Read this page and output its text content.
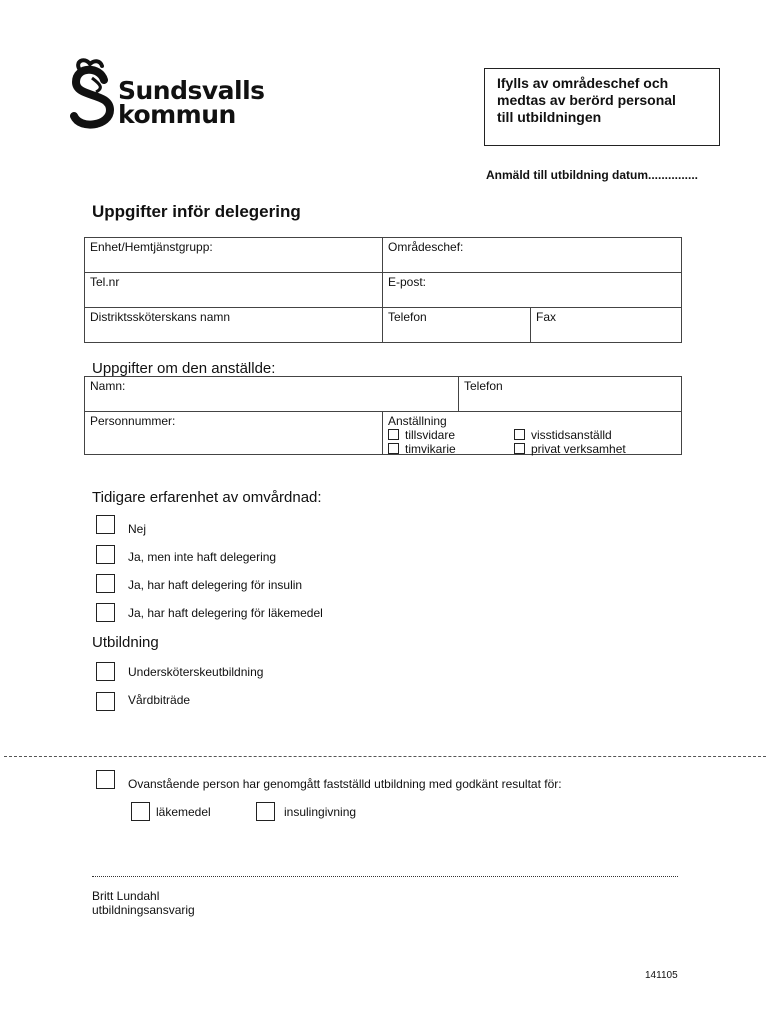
Sundsvalls
kommun
Ifylls av områdeschef och
medtas av berörd personal
till utbildningen
Anmäld till utbildning datum...............
Uppgifter inför delegering
Enhet/Hemtjänstgrupp:	Områdeschef:	
Tel.nr	E-post:	
Distriktssköterskans namn	Telefon	Fax
Uppgifter om den anställde:
Namn:		Telefon
Personnummer:	Anställning
tillsvidare
timvikarie
visstidsanställd
privat verksamhet	
Tidigare erfarenhet av omvårdnad:
Nej
Ja, men inte haft delegering
Ja, har haft delegering för insulin
Ja, har haft delegering för läkemedel
Utbildning
Undersköterskeutbildning
Vårdbiträde
Ovanstående person har genomgått fastställd utbildning med godkänt resultat för:
läkemedel	insulingivning
Britt Lundahl
utbildningsansvarig
141105
